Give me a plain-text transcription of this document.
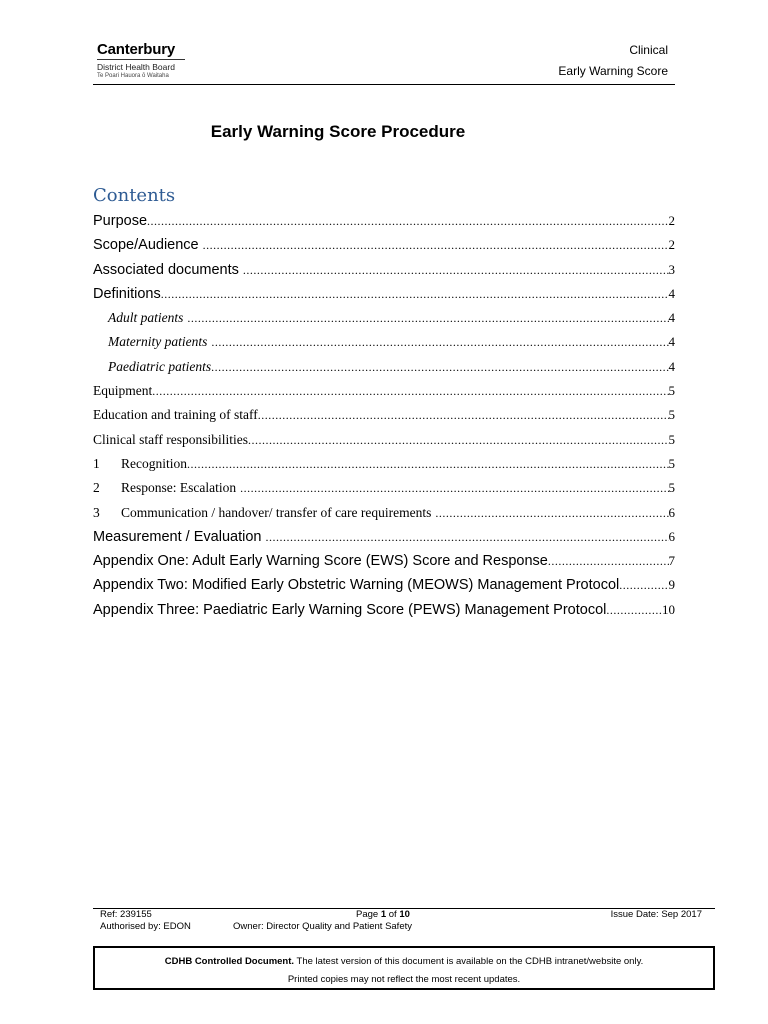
Canterbury
District Health Board
Te Poari Hauora ō Waitaha
Clinical
Early Warning Score
Early Warning Score Procedure
Contents
Purpose .....	2
Scope/Audience .....	2
Associated documents .....	3
Definitions .....	4
Adult patients .....	4
Maternity patients .....	4
Paediatric patients .....	4
Equipment .....	5
Education and training of staff .....	5
Clinical staff responsibilities .....	5
1 Recognition .....	5
2 Response: Escalation .....	5
3 Communication / handover/ transfer of care requirements .....	6
Measurement / Evaluation .....	6
Appendix One: Adult Early Warning Score (EWS) Score and Response .....	7
Appendix Two: Modified Early Obstetric Warning (MEOWS) Management Protocol .....	9
Appendix Three: Paediatric Early Warning Score (PEWS) Management Protocol .....	10
Ref: 239155
Authorised by: EDON	Owner: Director Quality and Patient Safety
Page 1 of 10	Issue Date: Sep 2017
CDHB Controlled Document. The latest version of this document is available on the CDHB intranet/website only.
Printed copies may not reflect the most recent updates.
